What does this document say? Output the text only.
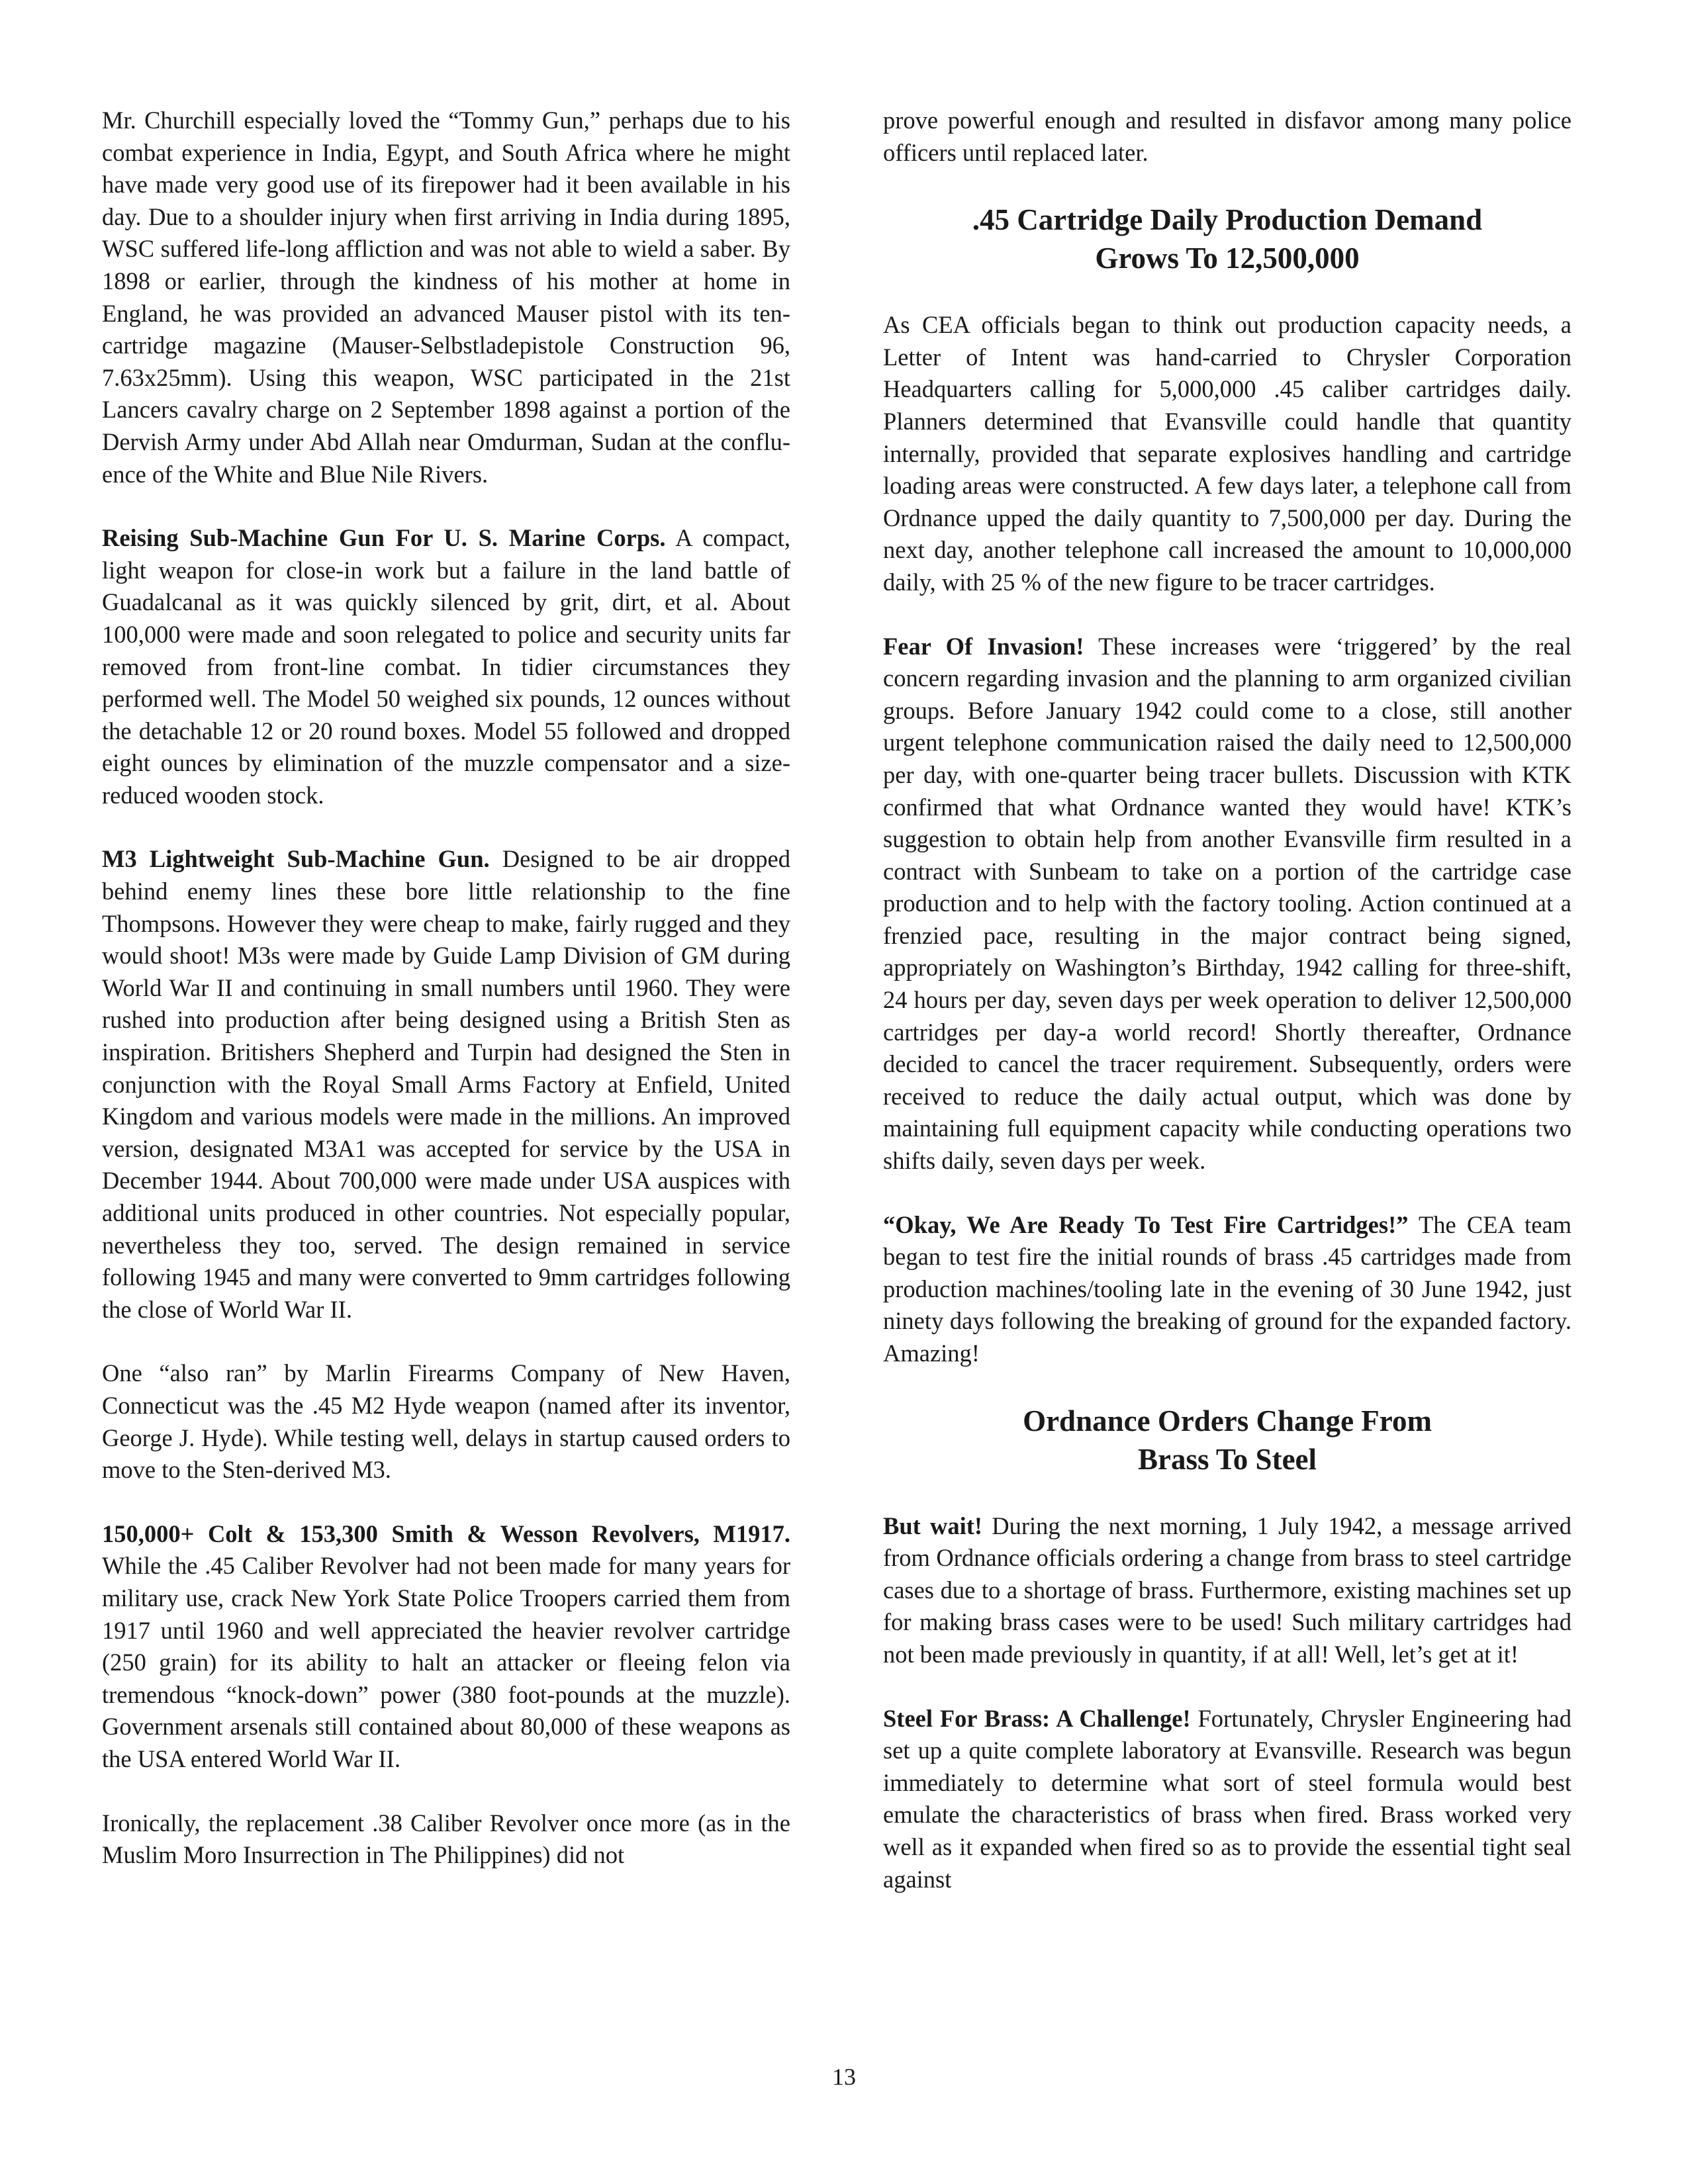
Mr. Churchill especially loved the “Tommy Gun,” perhaps due to his combat experience in India, Egypt, and South Africa where he might have made very good use of its firepower had it been available in his day. Due to a shoulder injury when first arriving in India during 1895, WSC suffered life-long affliction and was not able to wield a saber. By 1898 or earlier, through the kindness of his mother at home in England, he was provided an advanced Mauser pistol with its ten-cartridge magazine (Mauser-Selbstladepistole Construction 96, 7.63x25mm). Using this weapon, WSC participated in the 21st Lancers cavalry charge on 2 September 1898 against a portion of the Dervish Army under Abd Allah near Omdurman, Sudan at the confluence of the White and Blue Nile Rivers.

Reising Sub-Machine Gun For U. S. Marine Corps. A compact, light weapon for close-in work but a failure in the land battle of Guadalcanal as it was quickly silenced by grit, dirt, et al. About 100,000 were made and soon relegated to police and security units far removed from front-line combat. In tidier circumstances they performed well. The Model 50 weighed six pounds, 12 ounces without the detachable 12 or 20 round boxes. Model 55 followed and dropped eight ounces by elimination of the muzzle compensator and a size-reduced wooden stock.

M3 Lightweight Sub-Machine Gun. Designed to be air dropped behind enemy lines these bore little relationship to the fine Thompsons. However they were cheap to make, fairly rugged and they would shoot! M3s were made by Guide Lamp Division of GM during World War II and continuing in small numbers until 1960. They were rushed into production after being designed using a British Sten as inspiration. Britishers Shepherd and Turpin had designed the Sten in conjunction with the Royal Small Arms Factory at Enfield, United Kingdom and various models were made in the millions. An improved version, designated M3A1 was accepted for service by the USA in December 1944. About 700,000 were made under USA auspices with additional units produced in other countries. Not especially popular, nevertheless they too, served. The design remained in service following 1945 and many were converted to 9mm cartridges following the close of World War II.

One “also ran” by Marlin Firearms Company of New Haven, Connecticut was the .45 M2 Hyde weapon (named after its inventor, George J. Hyde). While testing well, delays in startup caused orders to move to the Sten-derived M3.

150,000+ Colt & 153,300 Smith & Wesson Revolvers, M1917. While the .45 Caliber Revolver had not been made for many years for military use, crack New York State Police Troopers carried them from 1917 until 1960 and well appreciated the heavier revolver cartridge (250 grain) for its ability to halt an attacker or fleeing felon via tremendous “knock-down” power (380 foot-pounds at the muzzle). Government arsenals still contained about 80,000 of these weapons as the USA entered World War II.

Ironically, the replacement .38 Caliber Revolver once more (as in the Muslim Moro Insurrection in The Philippines) did not

prove powerful enough and resulted in disfavor among many police officers until replaced later.

.45 Cartridge Daily Production Demand
Grows To 12,500,000

As CEA officials began to think out production capacity needs, a Letter of Intent was hand-carried to Chrysler Corporation Headquarters calling for 5,000,000 .45 caliber cartridges daily. Planners determined that Evansville could handle that quantity internally, provided that separate explosives handling and cartridge loading areas were constructed. A few days later, a telephone call from Ordnance upped the daily quantity to 7,500,000 per day. During the next day, another telephone call increased the amount to 10,000,000 daily, with 25 % of the new figure to be tracer cartridges.

Fear Of Invasion! These increases were ‘triggered’ by the real concern regarding invasion and the planning to arm organized civilian groups. Before January 1942 could come to a close, still another urgent telephone communication raised the daily need to 12,500,000 per day, with one-quarter being tracer bullets. Discussion with KTK confirmed that what Ordnance wanted they would have! KTK’s suggestion to obtain help from another Evansville firm resulted in a contract with Sunbeam to take on a portion of the cartridge case production and to help with the factory tooling. Action continued at a frenzied pace, resulting in the major contract being signed, appropriately on Washington’s Birthday, 1942 calling for three-shift, 24 hours per day, seven days per week operation to deliver 12,500,000 cartridges per day-a world record! Shortly thereafter, Ordnance decided to cancel the tracer requirement. Subsequently, orders were received to reduce the daily actual output, which was done by maintaining full equipment capacity while conducting operations two shifts daily, seven days per week.

“Okay, We Are Ready To Test Fire Cartridges!” The CEA team began to test fire the initial rounds of brass .45 cartridges made from production machines/tooling late in the evening of 30 June 1942, just ninety days following the breaking of ground for the expanded factory. Amazing!

Ordnance Orders Change From
Brass To Steel

But wait! During the next morning, 1 July 1942, a message arrived from Ordnance officials ordering a change from brass to steel cartridge cases due to a shortage of brass. Furthermore, existing machines set up for making brass cases were to be used! Such military cartridges had not been made previously in quantity, if at all! Well, let’s get at it!

Steel For Brass: A Challenge! Fortunately, Chrysler Engineering had set up a quite complete laboratory at Evansville. Research was begun immediately to determine what sort of steel formula would best emulate the characteristics of brass when fired. Brass worked very well as it expanded when fired so as to provide the essential tight seal against

13
